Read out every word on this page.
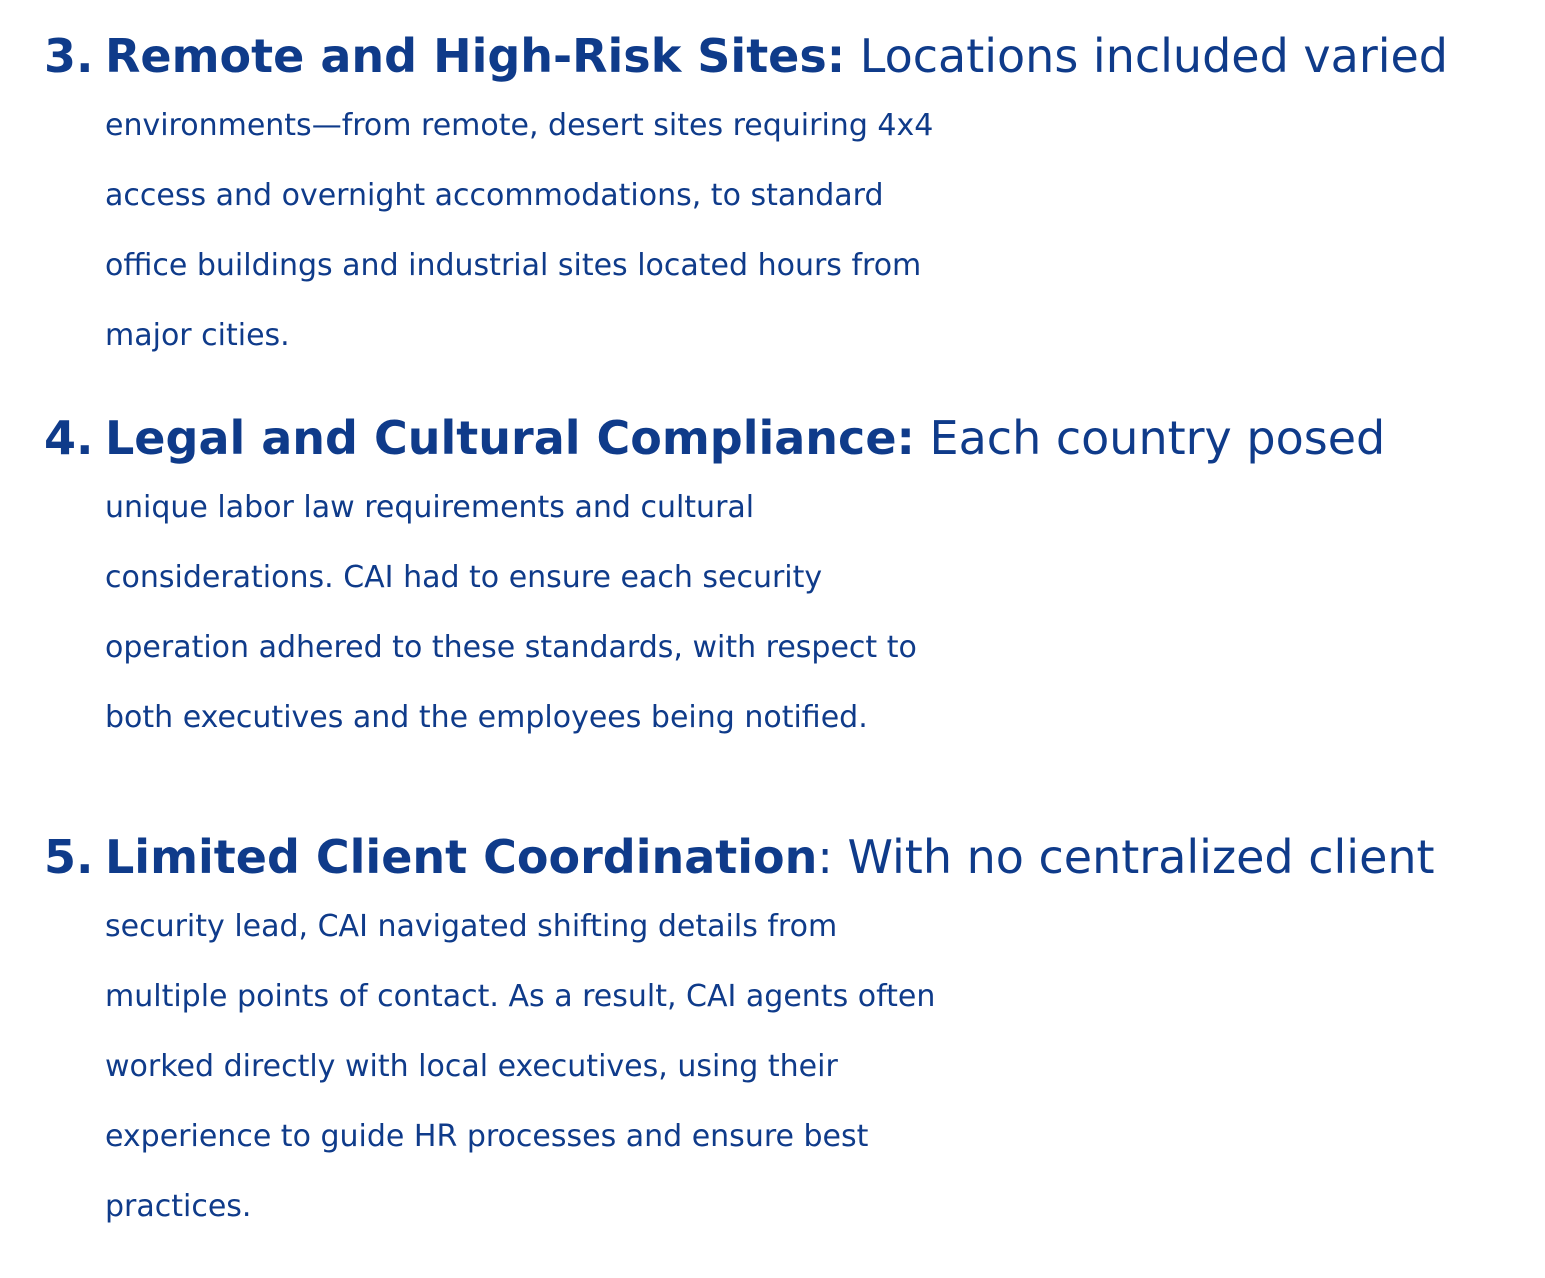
3. Remote and High-Risk Sites: Locations included varied
environments—from remote, desert sites requiring 4x4
access and overnight accommodations, to standard
office buildings and industrial sites located hours from
major cities.
4. Legal and Cultural Compliance: Each country posed
unique labor law requirements and cultural
considerations. CAI had to ensure each security
operation adhered to these standards, with respect to
both executives and the employees being notified.
5. Limited Client Coordination: With no centralized client
security lead, CAI navigated shifting details from
multiple points of contact. As a result, CAI agents often
worked directly with local executives, using their
experience to guide HR processes and ensure best
practices.
